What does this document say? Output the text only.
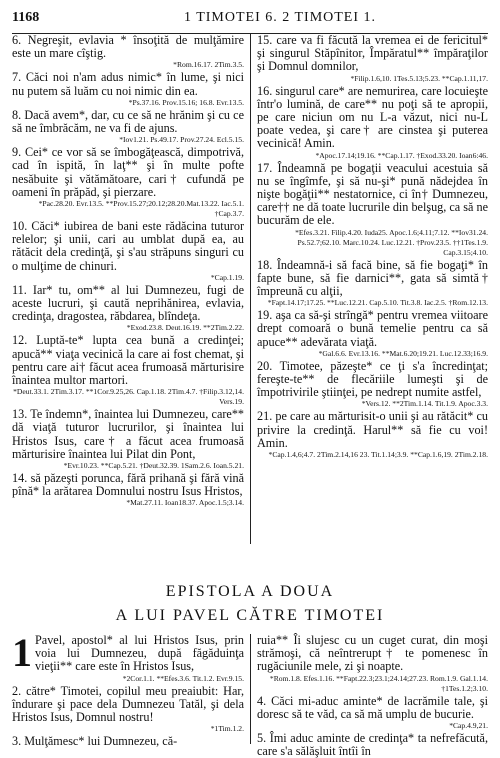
1168	1 TIMOTEI 6. 2 TIMOTEI 1.
6. Negreşit, evlavia * însoţită de mulţămire este un mare cîştig.
*Rom.16.17. 2Tim.3.5.
7. Căci noi n'am adus nimic* în lume, şi nici nu putem să luăm cu noi nimic din ea.
*Ps.37.16. Prov.15.16; 16.8. Evr.13.5.
8. Dacă avem*, dar, cu ce să ne hrănim şi cu ce să ne îmbrăcăm, ne va fi de ajuns.
*Iov1.21. Ps.49.17. Prov.27.24. Ecl.5.15.
9. Cei* ce vor să se îmbogăţească, dimpotrivă, cad în ispită, în laţ** şi în multe pofte nesăbuite şi vătămătoare, cari† cufundă pe oameni în prăpăd, şi pierzare.
*Pac.28.20. Evr.13.5. **Prov.15.27;20.12;28.20.Mat.13.22. Iac.5.1. †Cap.3.7.
10. Căci* iubirea de bani este rădăcina tuturor relelor; şi unii, cari au umblat după ea, au rătăcit dela credinţă, şi s'au străpuns singuri cu o mulţime de chinuri.
*Cap.1.19.
11. Iar* tu, om** al lui Dumnezeu, fugi de aceste lucruri, şi caută neprihănirea, evlavia, credinţa, dragostea, răbdarea, blîndeţa.
*Exod.23.8. Deut.16.19. **2Tim.2.22.
12. Luptă-te* lupta cea bună a credinţei; apucă** viaţa vecinică la care ai fost chemat, şi pentru care ai† făcut acea frumoasă mărturisire înaintea multor martori.
*Deut.33.1. 2Tim.3.17. **1Cor.9.25,26. Cap.1.18. 2Tim.4.7. †Filip.3.12,14. Vers.19.
13. Te îndemn*, înaintea lui Dumnezeu, care** dă viaţă tuturor lucrurilor, şi înaintea lui Hristos Isus, care† a făcut acea frumoasă mărturisire înaintea lui Pilat din Pont,
*Evr.10.23. **Cap.5.21. †Deut.32.39. 1Sam.2.6. Ioan.5.21.
14. să păzeşti porunca, fără prihană şi fără vină pînă* la arătarea Domnului nostru Isus Hristos,
*Mat.27.11. Ioan18.37. Apoc.1.5;3.14.
15. care va fi făcută la vremea ei de fericitul* şi singurul Stăpînitor, Împăratul** împăraţilor şi Domnul domnilor,
*Filip.1.6,10. 1Tes.5.13;5.23. **Cap.1.11,17.
16. singurul care* are nemurirea, care locuieşte într'o lumină, de care** nu poţi să te apropii, pe care niciun om nu L-a văzut, nici nu-L poate vedea, şi care† are cinstea şi puterea vecinică! Amin.
*Apoc.17.14;19.16. **Cap.1.17. †Exod.33.20. Ioan6:46.
17. Îndeamnă pe bogaţii veacului acestuia să nu se îngîmfe, şi să nu-şi* pună nădejdea în nişte bogăţii** nestatornice, ci în† Dumnezeu, care†† ne dă toate lucrurile din belşug, ca să ne bucurăm de ele.
*Efes.3.21. Filip.4.20. Iuda25. Apoc.1.6;4.11;7.12. **Iov31.24. Ps.52.7;62.10. Marc.10.24. Luc.12.21. †Prov.23.5. ††1Tes.1.9. Cap.3.15;4.10.
18. Îndeamnă-i să facă bine, să fie bogaţi* în fapte bune, să fie darnici**, gata să simtă† împreună cu alţii,
*Fapt.14.17;17.25. **Luc.12.21. Cap.5.10. Tit.3.8. Iac.2.5. †Rom.12.13.
19. aşa ca să-şi strîngă* pentru vremea viitoare drept comoară o bună temelie pentru ca să apuce** adevărata viaţă.
*Gal.6.6. Evr.13.16. **Mat.6.20;19.21. Luc.12.33;16.9.
20. Timotee, păzeşte* ce ţi s'a încredinţat; fereşte-te** de flecăriile lumeşti şi de împotrivirile ştiinţei, pe nedrept numite astfel,
*Vers.12. **2Tim.1.14. Tit.1.9. Apoc.3.3.
21. pe care au mărturisit-o unii şi au rătăcit* cu privire la credinţă. Harul** să fie cu voi! Amin.
*Cap.1.4,6;4.7. 2Tim.2.14,16 23. Tit.1.14;3.9. **Cap.1.6,19. 2Tim.2.18.
EPISTOLA A DOUA
A LUI PAVEL CĂTRE TIMOTEI
1 Pavel, apostol* al lui Hristos Isus, prin voia lui Dumnezeu, după făgăduinţa vieţii** care este în Hristos Isus,
*2Cor.1.1. **Efes.3.6. Tit.1.2. Evr.9.15.
2. către* Timotei, copilul meu preaiubit: Har, îndurare şi pace dela Dumnezeu Tatăl, şi dela Hristos Isus, Domnul nostru!
*1Tim.1.2.
3. Mulţămesc* lui Dumnezeu, că-
ruia** Îi slujesc cu un cuget curat, din moşi strămoşi, că neîntrerupt† te pomenesc în rugăciunile mele, zi şi noapte.
*Rom.1.8. Efes.1.16. **Fapt.22.3;23.1;24.14;27.23. Rom.1.9. Gal.1.14. †1Tes.1.2;3.10.
4. Căci mi-aduc aminte* de lacrămile tale, şi doresc să te văd, ca să mă umplu de bucurie.
*Cap.4.9,21.
5. Îmi aduc aminte de credinţa* ta nefrefăcută, care s'a sălăşluit întîi în
